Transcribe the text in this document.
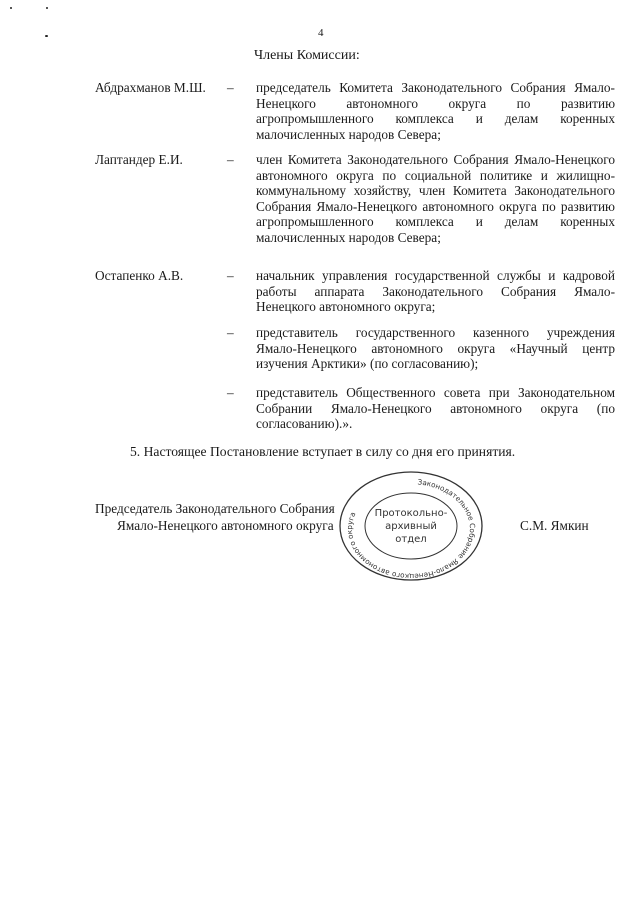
4
Члены Комиссии:
Абдрахманов М.Ш. – председатель Комитета Законодательного Собрания Ямало-Ненецкого автономного округа по развитию агропромышленного комплекса и делам коренных малочисленных народов Севера;
Лаптандер Е.И.	– член Комитета Законодательного Собрания Ямало-Ненецкого автономного округа по социальной политике и жилищно-коммунальному хозяйству, член Комитета Законодательного Собрания Ямало-Ненецкого автономного округа по развитию агропромышленного комплекса и делам коренных малочисленных народов Севера;
Остапенко А.В.	– начальник управления государственной службы и кадровой работы аппарата Законодательного Собрания Ямало-Ненецкого автономного округа;
– представитель государственного казенного учреждения Ямало-Ненецкого автономного округа «Научный центр изучения Арктики» (по согласованию);
– представитель Общественного совета при Законодательном Собрании Ямало-Ненецкого автономного округа (по согласованию).».
5. Настоящее Постановление вступает в силу со дня его принятия.
Председатель Законодательного Собрания
Ямало-Ненецкого автономного округа	С.М. Ямкин
Законодательное Собрание Ямало-Ненецкого автономного округа	Протокольно-
архивный
отдел
